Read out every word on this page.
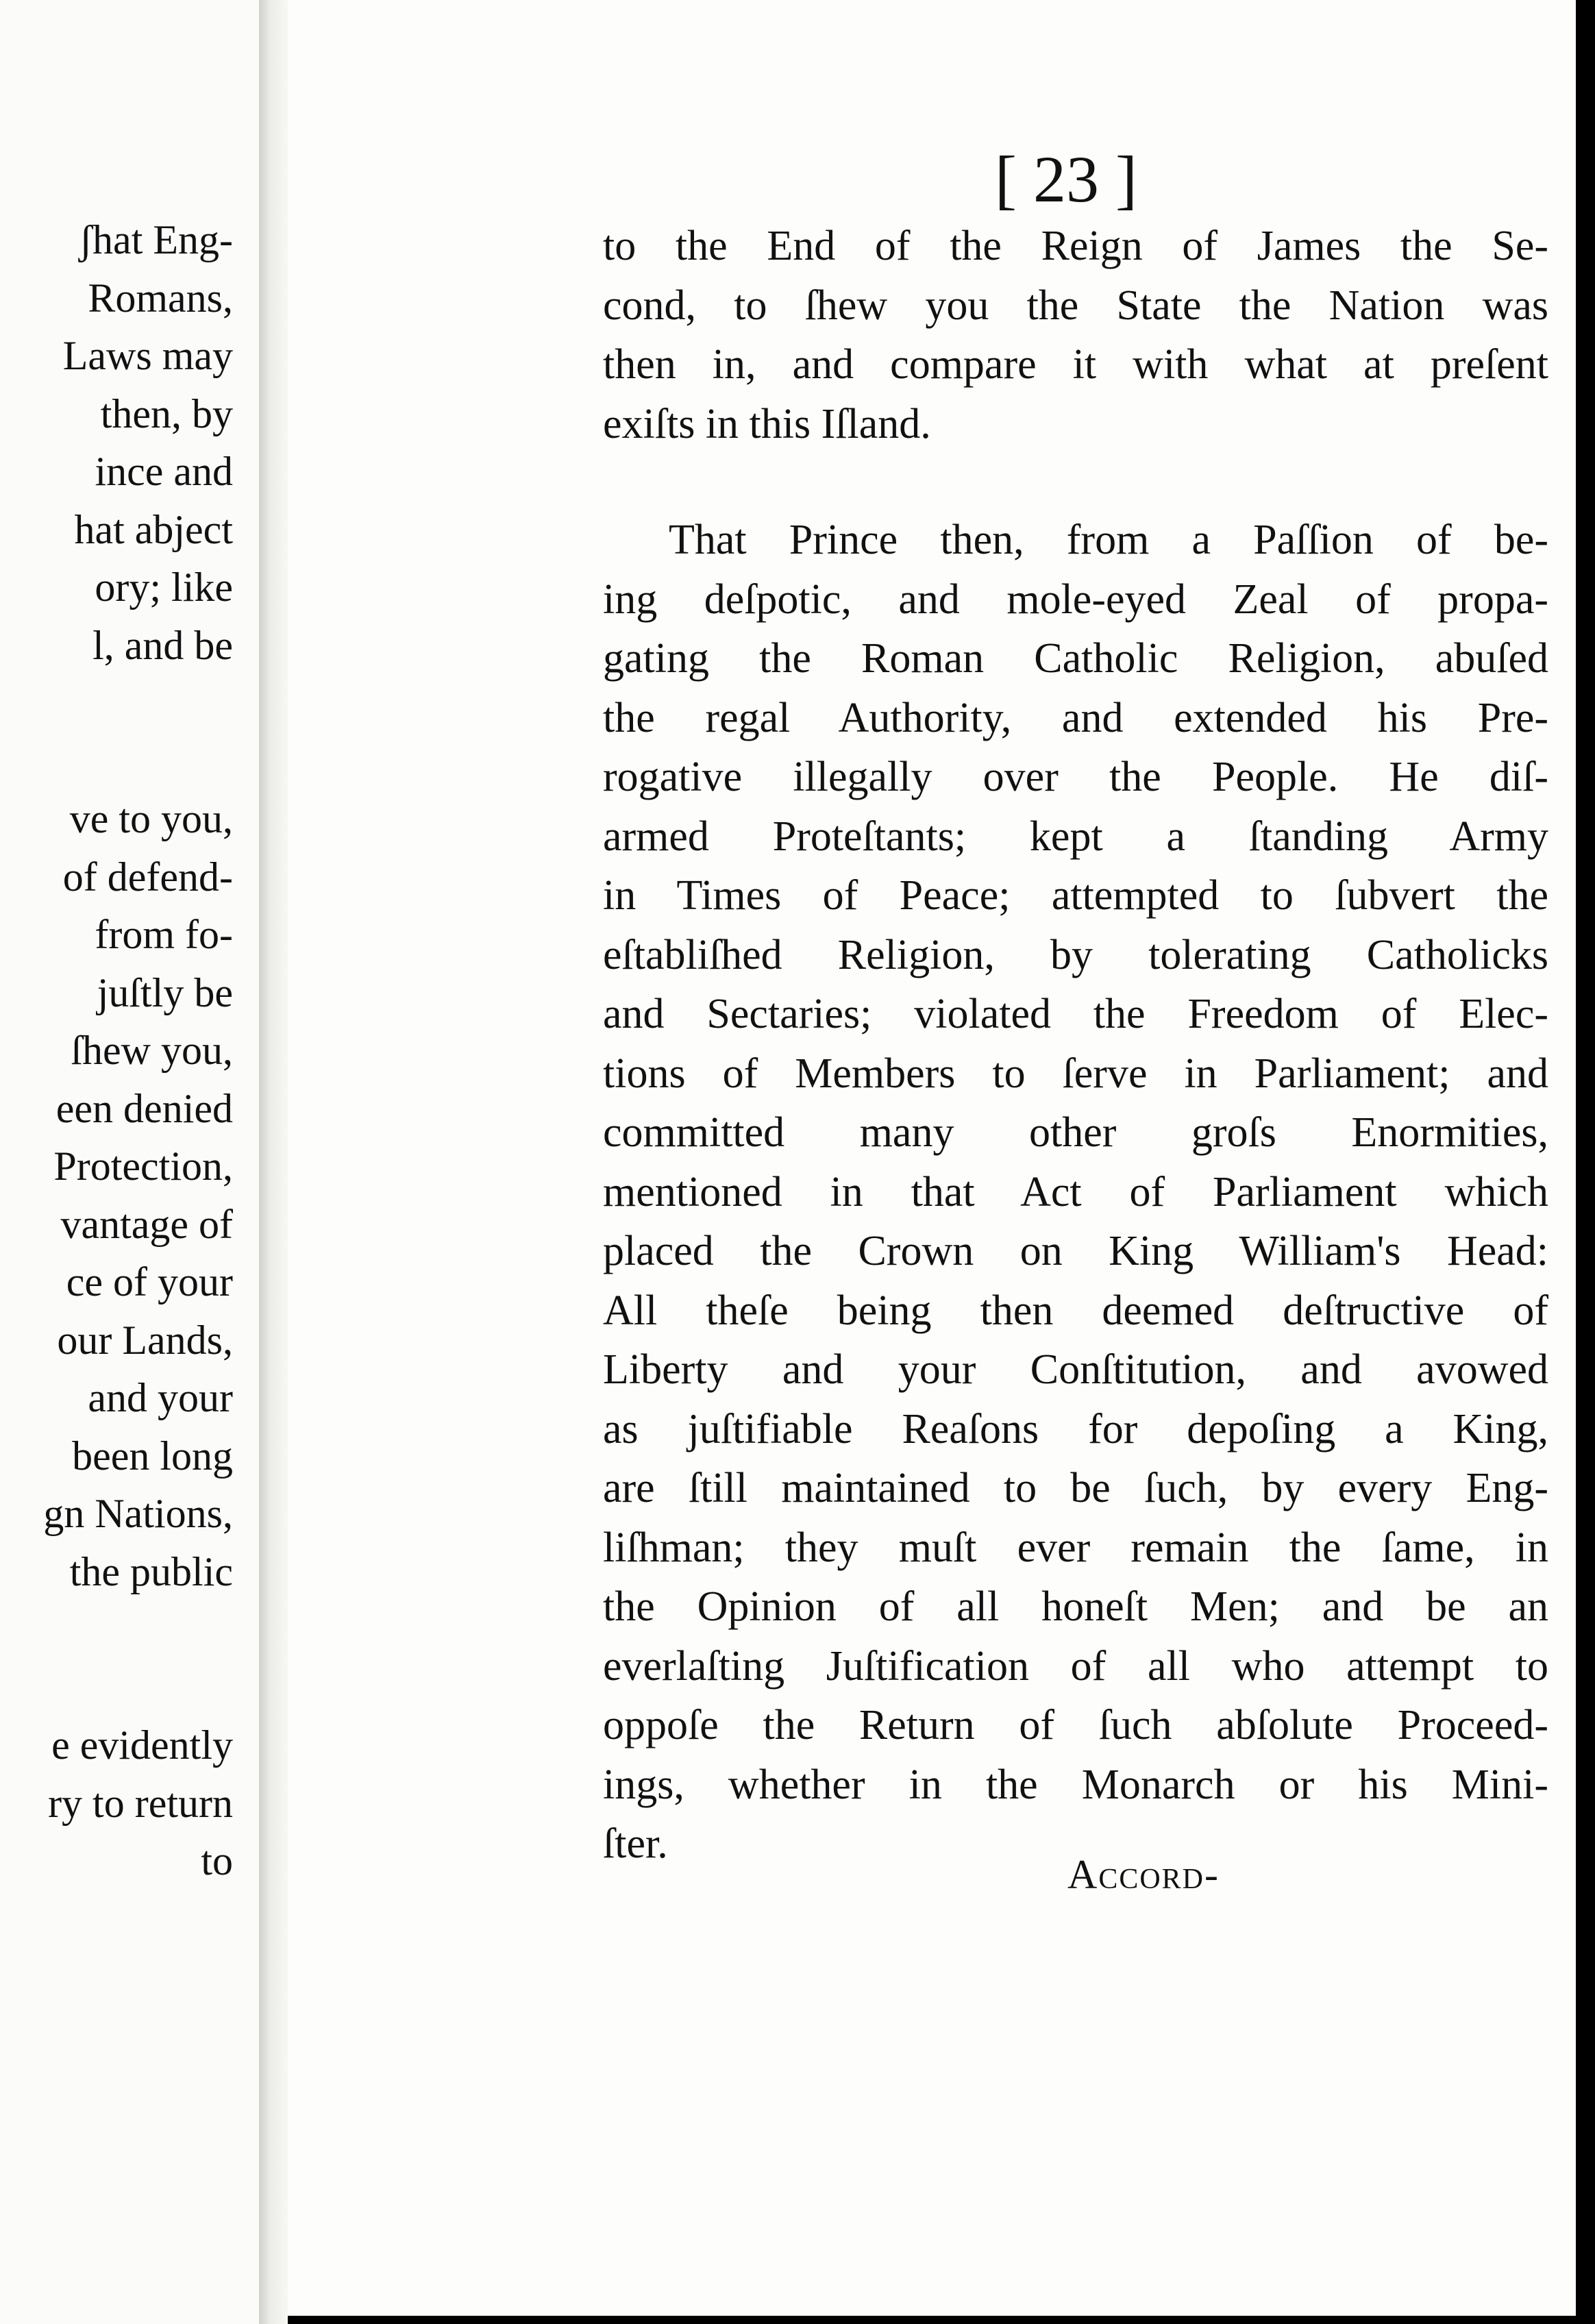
ʃhat Eng-
Romans,
Laws may
then, by
ince and
hat abject
ory; like
l, and be
ve to you,
of defend-
from fo-
juſtly be
ſhew you,
een denied
Protection,
vantage of
ce of your
our Lands,
and your
been long
gn Nations,
the public
e evidently
ry to return
to
[ 23 ]
to the End of the Reign of James the Se-
cond, to ſhew you the State the Nation was
then in, and compare it with what at preſent
exiſts in this Iſland.
That Prince then, from a Paſſion of be-
ing deſpotic, and mole-eyed Zeal of propa-
gating the Roman Catholic Religion, abuſed
the regal Authority, and extended his Pre-
rogative illegally over the People. He diſ-
armed Proteſtants; kept a ſtanding Army
in Times of Peace; attempted to ſubvert the
eſtabliſhed Religion, by tolerating Catholicks
and Sectaries; violated the Freedom of Elec-
tions of Members to ſerve in Parliament; and
committed many other groſs Enormities,
mentioned in that Act of Parliament which
placed the Crown on King William's Head:
All theſe being then deemed deſtructive of
Liberty and your Conſtitution, and avowed
as juſtifiable Reaſons for depoſing a King,
are ſtill maintained to be ſuch, by every Eng-
liſhman; they muſt ever remain the ſame, in
the Opinion of all honeſt Men; and be an
everlaſting Juſtification of all who attempt to
oppoſe the Return of ſuch abſolute Proceed-
ings, whether in the Monarch or his Mini-
ſter.
Accord-
